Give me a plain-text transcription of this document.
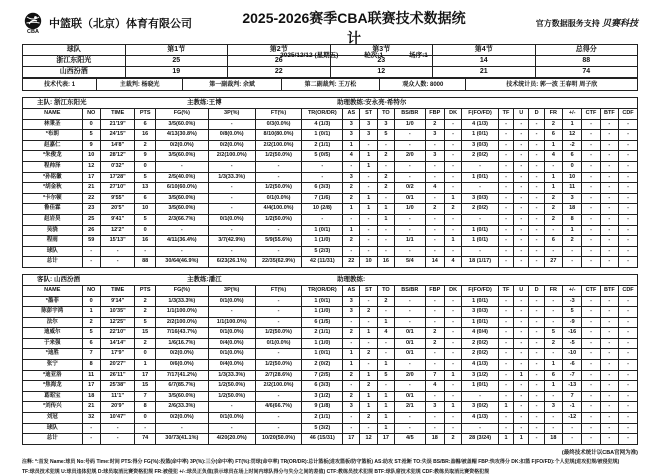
CBA
中篮联（北京）体育有限公司	2025-2026赛季CBA联赛技术数据统计
2025/12/12 (星期五)	轮次:1	场序:1
官方数据服务支持 贝赛科技
球队	第1节	第2节	第3节	第4节	总得分
浙江东阳光	25	26	23	14	88
山西汾酒	19	22	12	21	74
技术代表: 1	主裁判: 杨晓光	第一副裁判: 余斌	第二副裁判: 王万松	观众人数: 8000	技术统计员: 郭一波 王春明 周子欣
主队: 浙江东阳光	主教练:王博	助理教练:安永亮-希特尔
NAME	NO	TIME	PTS	FG(%)	3P(%)	FT(%)	TR(OR/DR)	AS	ST	TO	BS/BR	FBP	DK	F(FO/FD)	TF	U	D	FR	+/-	CTF	BTF	CDF
林秉圣	0	21'19"	6	3/5(60.0%)	-	0/3(0.0%)	4 (1/3)	3	3	3	1/0	2	-	4 (1/3)	-	-	-	2	1	-	-	-
*布朗	5	24'15"	16	4/13(30.8%)	0/8(0.0%)	8/10(80.0%)	1 (0/1)	3	3	5	-	3	-	1 (0/1)	-	-	-	6	12	-	-	-
赵嘉仁	9	14'8"	2	0/2(0.0%)	0/2(0.0%)	2/2(100.0%)	2 (1/1)	1	-	-	-	-	-	3 (0/3)	-	-	-	1	-2	-	-	-
*朱俊龙	10	28'12"	9	3/5(60.0%)	2/2(100.0%)	1/2(50.0%)	5 (0/5)	4	1	2	2/0	3	-	2 (0/2)	-	-	-	4	6	-	-	-
程帅泽	12	0'32"	0	-	-	-	-	-	1	-	-	-	-	-	-	-	-	-	0	-	-	-
*孙铭徽	17	17'28"	5	2/5(40.0%)	1/3(33.3%)	-	-	3	-	2	-	-	-	1 (0/1)	-	-	-	1	10	-	-	-
*胡金秋	21	27'10"	13	6/10(60.0%)	-	1/2(50.0%)	6 (3/3)	2	-	2	0/2	4	-	-	-	-	-	1	11	-	-	-
*卡尔顿	22	9'55"	6	3/5(60.0%)	-	0/1(0.0%)	7 (1/6)	2	1	-	0/1	-	1	3 (0/3)	-	-	-	2	3	-	-	-
鲁佳霖	23	20'5"	10	3/5(60.0%)	-	4/4(100.0%)	10 (2/8)	1	1	1	1/0	2	2	2 (0/2)	-	-	-	2	18	-	-	-
赵岩昊	25	9'41"	5	2/3(66.7%)	0/1(0.0%)	1/2(50.0%)	-	-	-	1	-	-	-	-	-	-	-	2	8	-	-	-
吴骁	26	12'2"	0	-	-	-	1 (0/1)	1	-	-	-	-	-	1 (0/1)	-	-	-	-	1	-	-	-
程雨	59	15'13"	16	4/11(36.4%)	3/7(42.9%)	5/9(55.6%)	1 (1/0)	2	-	-	1/1	-	1	1 (0/1)	-	-	-	6	2	-	-	-
球队	-	-	-	-	-	-	5 (2/3)	-	-	-	-	-	-	-	-	-	-	-	-	-	-	-
总计	-	-	88	30/64(46.9%)	6/23(26.1%)	22/35(62.9%)	42 (11/31)	22	10	16	5/4	14	4	18 (1/17)	-	-	-	27	-	-	-	-
客队: 山西汾酒	主教练:潘江	助理教练:
NAME	NO	TIME	PTS	FG(%)	3P(%)	FT(%)	TR(OR/DR)	AS	ST	TO	BS/BR	FBP	DK	F(FO/FD)	TF	U	D	FR	+/-	CTF	BTF	CDF
*墨菲	0	9'14"	2	1/3(33.3%)	0/1(0.0%)	-	1 (0/1)	3	-	2	-	-	-	1 (0/1)	-	-	-	-	-3	-	-	-
陈彭宇鸿	1	10'35"	2	1/1(100.0%)	-	-	1 (1/0)	3	2	-	-	-	-	3 (0/3)	-	-	-	-	5	-	-	-
法尔	2	12'25"	5	2/2(100.0%)	1/1(100.0%)	-	6 (1/5)	-	-	1	-	-	-	1 (0/1)	-	-	-	-	-9	-	-	-
迪威尔	5	22'10"	15	7/16(43.7%)	0/1(0.0%)	1/2(50.0%)	2 (1/1)	2	1	4	0/1	2	-	4 (0/4)	-	-	-	5	-16	-	-	-
于来强	6	14'14"	2	1/6(16.7%)	0/4(0.0%)	0/1(0.0%)	1 (1/0)	-	-	-	0/1	2	-	2 (0/2)	-	-	-	2	-5	-	-	-
*迪胜	7	17'9"	0	0/2(0.0%)	0/1(0.0%)	-	1 (0/1)	1	2	-	0/1	-	-	2 (0/2)	-	-	-	-	-10	-	-	-
张宁	8	20'27"	1	0/6(0.0%)	0/4(0.0%)	1/2(50.0%)	2 (0/2)	1	-	1	-	-	-	4 (1/3)	-	-	-	1	-6	-	-	-
*迪亚洛	11	26'11"	17	7/17(41.2%)	1/3(33.3%)	2/7(28.6%)	7 (2/5)	2	1	5	2/0	7	1	3 (1/2)	-	1	-	6	-7	-	-	-
*焦海龙	17	25'38"	15	6/7(85.7%)	1/2(50.0%)	2/2(100.0%)	6 (3/3)	-	2	-	-	4	-	1 (0/1)	-	-	-	1	-13	-	-	-
葛昭宝	18	11'1"	7	3/5(60.0%)	1/2(50.0%)	-	3 (1/2)	2	1	1	0/1	-	-	-	-	-	-	-	7	-	-	-
*刘传兴	21	20'9"	8	2/6(33.3%)	-	4/6(66.7%)	9 (1/8)	3	1	1	2/1	3	1	3 (0/2)	1	-	-	3	-1	-	-	-
刘冠	32	10'47"	0	0/2(0.0%)	0/1(0.0%)	-	2 (1/1)	-	2	1	-	-	-	4 (1/3)	-	-	-	-	-12	-	-	-
球队	-	-	-	-	-	-	5 (3/2)	-	-	1	-	-	-	-	-	-	-	-	-	-	-	-
总计	-	-	74	30/73(41.1%)	4/20(20.0%)	10/20(50.0%)	46 (15/31)	17	12	17	4/5	18	2	28 (3/24)	1	1	-	18	-	-	-	-
(最终技术统计以CBA官网为准)
注释: *:首发 Name:球员 No:号码 Time:时间 PTS:得分 FG(%):投篮(命中率) 3P(%):三分(命中率) FT(%):罚球(命中率) TR(OR/DR):总计篮板(进攻篮板/防守篮板) AS:助攻 ST:抢断 TO:失误 BS/BR:盖帽/被盖帽 FBP:快攻得分 DK:扣篮 F(FO/FD):个人犯规(进攻犯规/被侵犯规)
TF:球员技术犯规 U:球员违体犯规 D:球员取消比赛资格犯规 FR:被侵犯 +/-:球员正负值(表示球员在场上时间内球队得分与失分之间的差值) CTF:教练员技术犯规 BTF:球队席技术犯规 CDF:教练员取消比赛资格犯规
